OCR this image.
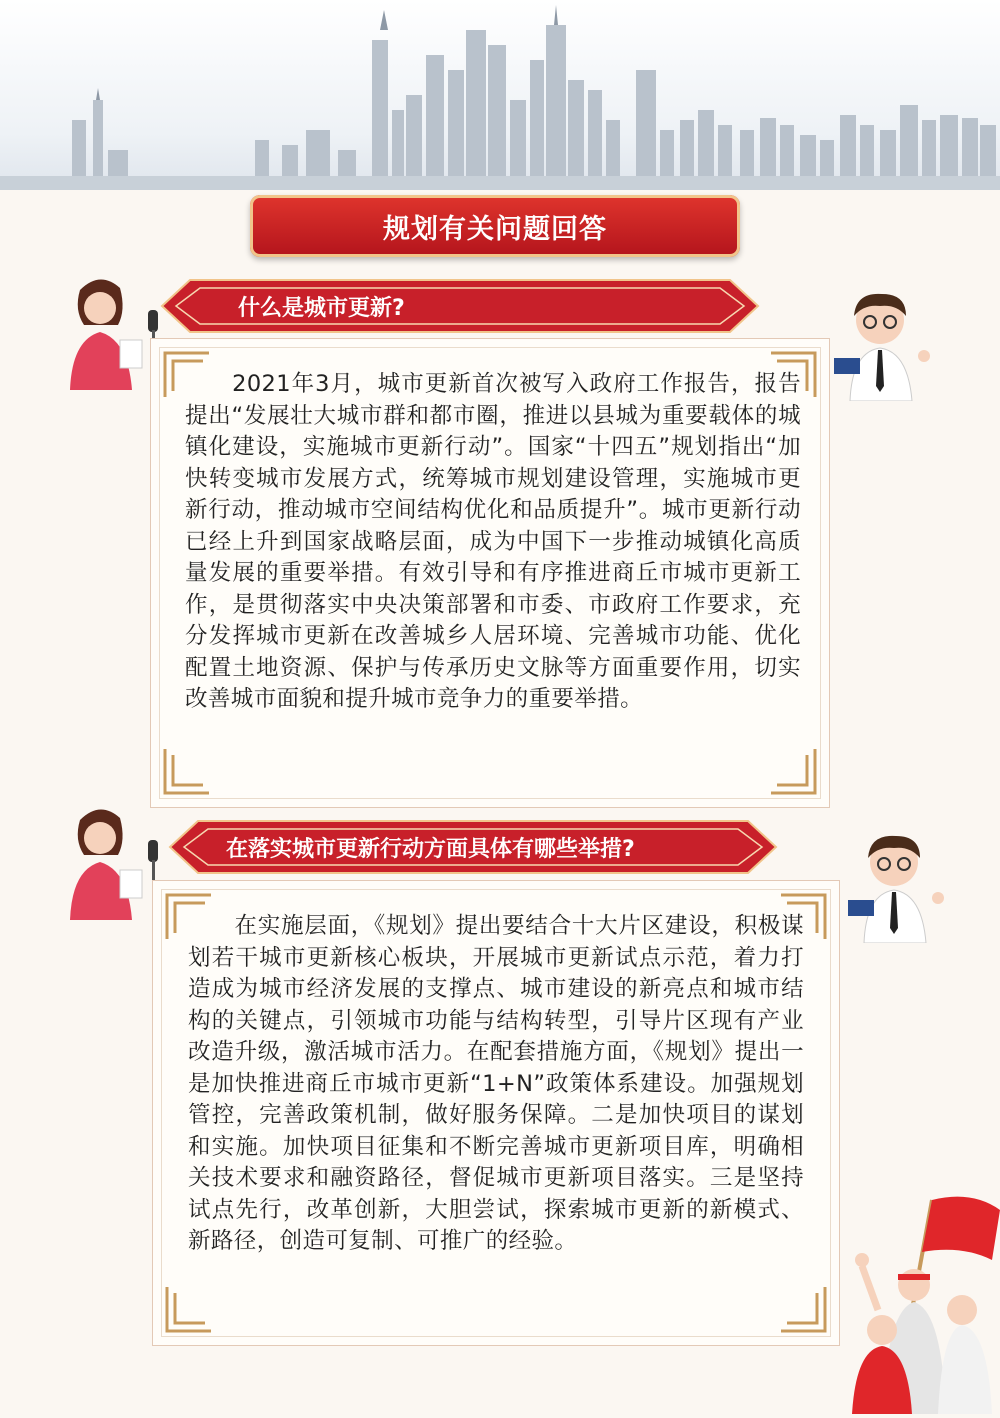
规划有关问题回答
什么是城市更新?
　　2021年3月，城市更新首次被写入政府工作报告，报告提出“发展壮大城市群和都市圈，推进以县城为重要载体的城镇化建设，实施城市更新行动”。国家“十四五”规划指出“加快转变城市发展方式，统筹城市规划建设管理，实施城市更新行动，推动城市空间结构优化和品质提升”。城市更新行动已经上升到国家战略层面，成为中国下一步推动城镇化高质量发展的重要举措。有效引导和有序推进商丘市城市更新工作，是贯彻落实中央决策部署和市委、市政府工作要求，充分发挥城市更新在改善城乡人居环境、完善城市功能、优化配置土地资源、保护与传承历史文脉等方面重要作用，切实改善城市面貌和提升城市竞争力的重要举措。
在落实城市更新行动方面具体有哪些举措?
　　在实施层面，《规划》提出要结合十大片区建设，积极谋划若干城市更新核心板块，开展城市更新试点示范，着力打造成为城市经济发展的支撑点、城市建设的新亮点和城市结构的关键点，引领城市功能与结构转型，引导片区现有产业改造升级，激活城市活力。在配套措施方面，《规划》提出一是加快推进商丘市城市更新“1+N”政策体系建设。加强规划管控，完善政策机制，做好服务保障。二是加快项目的谋划和实施。加快项目征集和不断完善城市更新项目库，明确相关技术要求和融资路径，督促城市更新项目落实。三是坚持试点先行，改革创新，大胆尝试，探索城市更新的新模式、新路径，创造可复制、可推广的经验。
